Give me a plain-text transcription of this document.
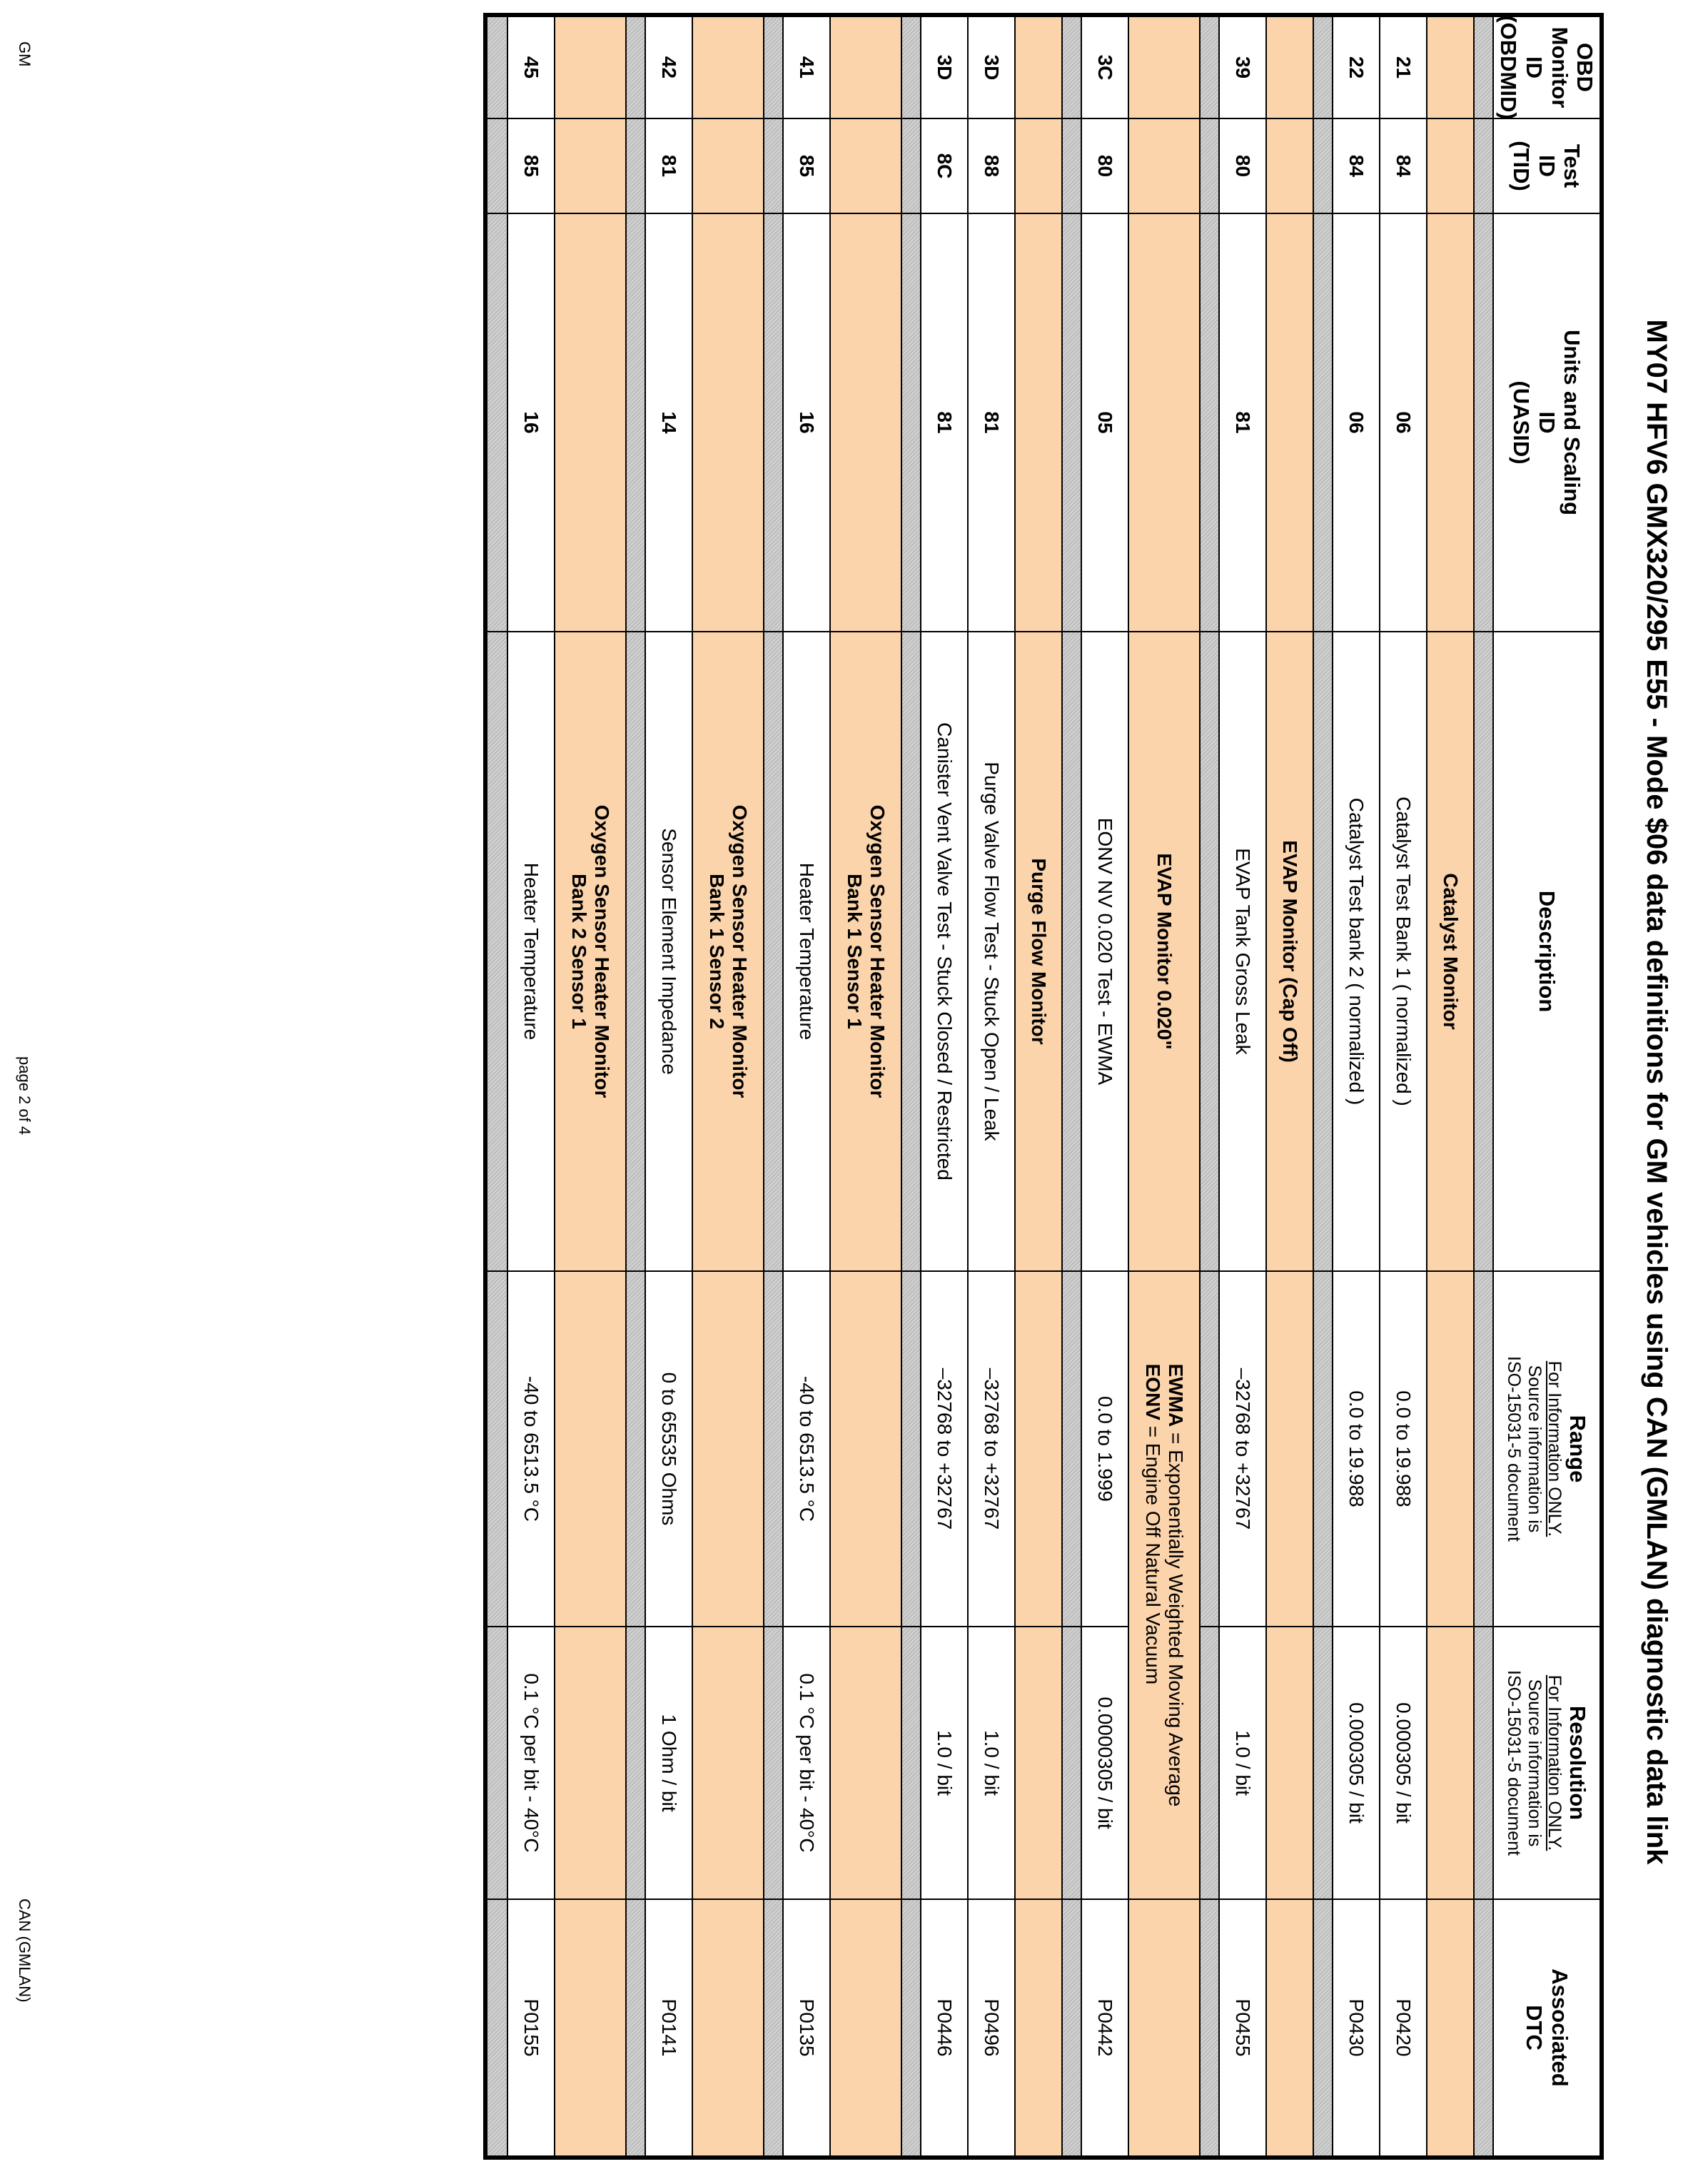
MY07 HFV6 GMX320/295 E55 - Mode $06 data definitions for GM vehicles using CAN (GMLAN) diagnostic data link
OBD Monitor
ID
(OBDMID)
Test
ID
(TID)
Units and Scaling
ID
(UASID)
Description
Range
For Information ONLY.
Source information is
ISO-15031-5 document
Resolution
For Information ONLY.
Source information is
ISO-15031-5 document
Associated
DTC
Catalyst Monitor
21
84
06
Catalyst Test Bank 1 ( normalized )
0.0 to 19.988
0.000305 / bit
P0420
22
84
06
Catalyst Test bank 2 ( normalized )
0.0 to 19.988
0.000305 / bit
P0430
EVAP Monitor (Cap Off)
39
80
81
EVAP Tank Gross Leak
–32768 to +32767
1.0 / bit
P0455
EVAP Monitor 0.020"
EWMA = Exponentially Weighted Moving Average
EONV = Engine Off Natural Vacuum
3C
80
05
EONV NV 0.020 Test - EWMA
0.0 to 1.999
0.0000305 / bit
P0442
Purge Flow Monitor
3D
88
81
Purge Valve Flow Test - Stuck Open / Leak
–32768 to +32767
1.0 / bit
P0496
3D
8C
81
Canister Vent Valve Test - Stuck Closed / Restricted
–32768 to +32767
1.0 / bit
P0446
Oxygen Sensor Heater Monitor
Bank 1 Sensor 1
41
85
16
Heater Temperature
-40 to 6513.5 °C
0.1 °C per bit - 40°C
P0135
Oxygen Sensor Heater Monitor
Bank 1 Sensor 2
42
81
14
Sensor Element Impedance
0 to 65535 Ohms
1 Ohm / bit
P0141
Oxygen Sensor Heater Monitor
Bank 2 Sensor 1
45
85
16
Heater Temperature
-40 to 6513.5 °C
0.1 °C per bit - 40°C
P0155
GM
page 2 of 4
CAN (GMLAN)
